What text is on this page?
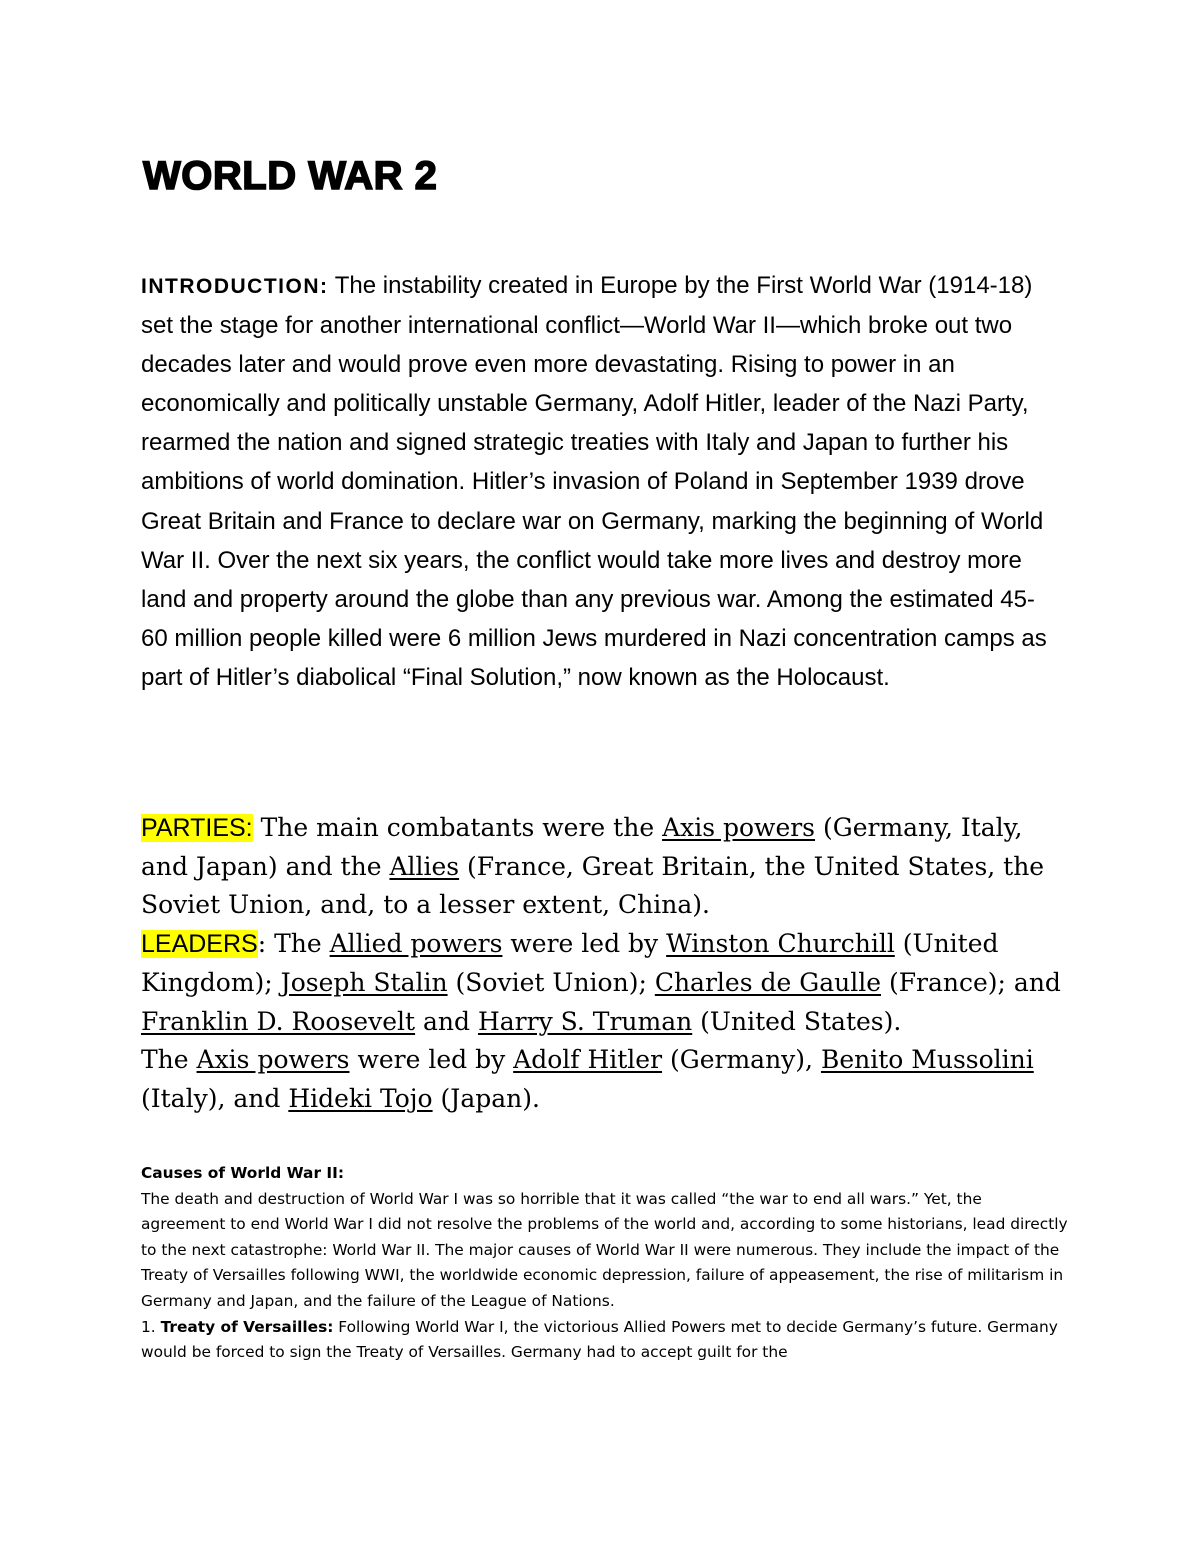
WORLD WAR 2

INTRODUCTION: The instability created in Europe by the First World War (1914-18) set the stage for another international conflict—World War II—which broke out two decades later and would prove even more devastating. Rising to power in an economically and politically unstable Germany, Adolf Hitler, leader of the Nazi Party, rearmed the nation and signed strategic treaties with Italy and Japan to further his ambitions of world domination. Hitler’s invasion of Poland in September 1939 drove Great Britain and France to declare war on Germany, marking the beginning of World War II. Over the next six years, the conflict would take more lives and destroy more land and property around the globe than any previous war. Among the estimated 45-60 million people killed were 6 million Jews murdered in Nazi concentration camps as part of Hitler’s diabolical “Final Solution,” now known as the Holocaust.

PARTIES: The main combatants were the Axis powers (Germany, Italy, and Japan) and the Allies (France, Great Britain, the United States, the Soviet Union, and, to a lesser extent, China).

LEADERS: The Allied powers were led by Winston Churchill (United Kingdom); Joseph Stalin (Soviet Union); Charles de Gaulle (France); and Franklin D. Roosevelt and Harry S. Truman (United States).
The Axis powers were led by Adolf Hitler (Germany), Benito Mussolini (Italy), and Hideki Tojo (Japan).

Causes of World War II:

The death and destruction of World War I was so horrible that it was called “the war to end all wars.” Yet, the agreement to end World War I did not resolve the problems of the world and, according to some historians, lead directly to the next catastrophe: World War II. The major causes of World War II were numerous. They include the impact of the Treaty of Versailles following WWI, the worldwide economic depression, failure of appeasement, the rise of militarism in Germany and Japan, and the failure of the League of Nations.

1. Treaty of Versailles: Following World War I, the victorious Allied Powers met to decide Germany’s future. Germany would be forced to sign the Treaty of Versailles. Germany had to accept guilt for the
